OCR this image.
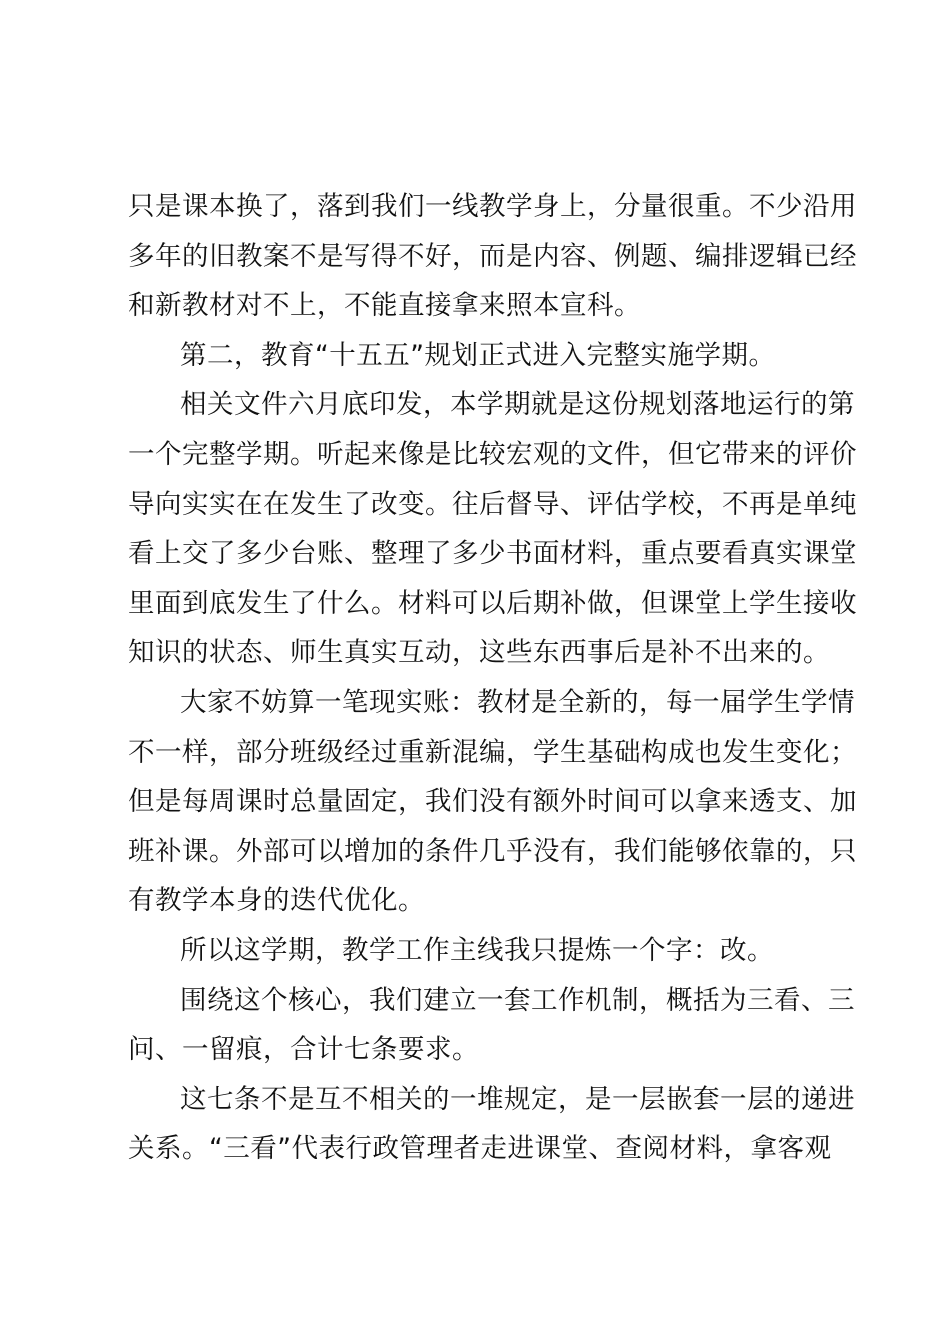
只是课本换了，落到我们一线教学身上，分量很重。不少沿用
多年的旧教案不是写得不好，而是内容、例题、编排逻辑已经
和新教材对不上，不能直接拿来照本宣科。
第二，教育“十五五”规划正式进入完整实施学期。
相关文件六月底印发，本学期就是这份规划落地运行的第
一个完整学期。听起来像是比较宏观的文件，但它带来的评价
导向实实在在发生了改变。往后督导、评估学校，不再是单纯
看上交了多少台账、整理了多少书面材料，重点要看真实课堂
里面到底发生了什么。材料可以后期补做，但课堂上学生接收
知识的状态、师生真实互动，这些东西事后是补不出来的。
大家不妨算一笔现实账：教材是全新的，每一届学生学情
不一样，部分班级经过重新混编，学生基础构成也发生变化；
但是每周课时总量固定，我们没有额外时间可以拿来透支、加
班补课。外部可以增加的条件几乎没有，我们能够依靠的，只
有教学本身的迭代优化。
所以这学期，教学工作主线我只提炼一个字：改。
围绕这个核心，我们建立一套工作机制，概括为三看、三
问、一留痕，合计七条要求。
这七条不是互不相关的一堆规定，是一层嵌套一层的递进
关系。“三看”代表行政管理者走进课堂、查阅材料，拿客观
